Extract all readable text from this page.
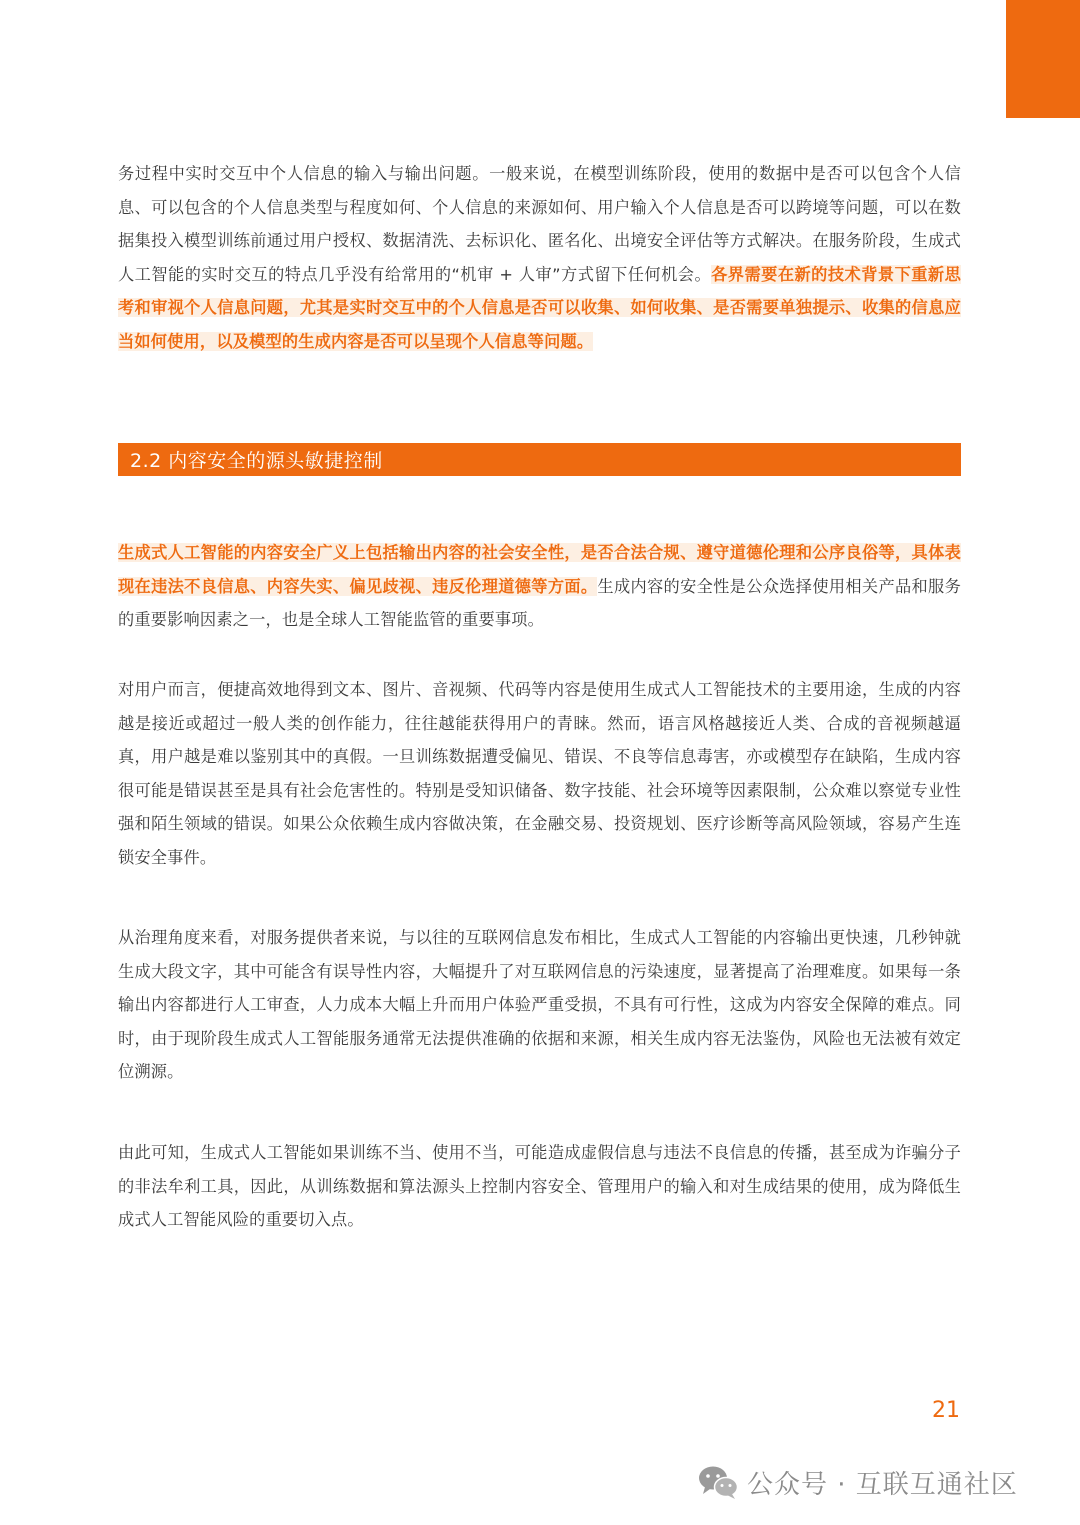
务过程中实时交互中个人信息的输入与输出问题。一般来说，在模型训练阶段，使用的数据中是否可以包含个人信息、可以包含的个人信息类型与程度如何、个人信息的来源如何、用户输入个人信息是否可以跨境等问题，可以在数据集投入模型训练前通过用户授权、数据清洗、去标识化、匿名化、出境安全评估等方式解决。在服务阶段，生成式人工智能的实时交互的特点几乎没有给常用的“机审 + 人审”方式留下任何机会。各界需要在新的技术背景下重新思考和审视个人信息问题，尤其是实时交互中的个人信息是否可以收集、如何收集、是否需要单独提示、收集的信息应当如何使用，以及模型的生成内容是否可以呈现个人信息等问题。

2.2 内容安全的源头敏捷控制

生成式人工智能的内容安全广义上包括输出内容的社会安全性，是否合法合规、遵守道德伦理和公序良俗等，具体表现在违法不良信息、内容失实、偏见歧视、违反伦理道德等方面。生成内容的安全性是公众选择使用相关产品和服务的重要影响因素之一，也是全球人工智能监管的重要事项。

对用户而言，便捷高效地得到文本、图片、音视频、代码等内容是使用生成式人工智能技术的主要用途，生成的内容越是接近或超过一般人类的创作能力，往往越能获得用户的青睐。然而，语言风格越接近人类、合成的音视频越逼真，用户越是难以鉴别其中的真假。一旦训练数据遭受偏见、错误、不良等信息毒害，亦或模型存在缺陷，生成内容很可能是错误甚至是具有社会危害性的。特别是受知识储备、数字技能、社会环境等因素限制，公众难以察觉专业性强和陌生领域的错误。如果公众依赖生成内容做决策，在金融交易、投资规划、医疗诊断等高风险领域，容易产生连锁安全事件。

从治理角度来看，对服务提供者来说，与以往的互联网信息发布相比，生成式人工智能的内容输出更快速，几秒钟就生成大段文字，其中可能含有误导性内容，大幅提升了对互联网信息的污染速度，显著提高了治理难度。如果每一条输出内容都进行人工审查，人力成本大幅上升而用户体验严重受损，不具有可行性，这成为内容安全保障的难点。同时，由于现阶段生成式人工智能服务通常无法提供准确的依据和来源，相关生成内容无法鉴伪，风险也无法被有效定位溯源。

由此可知，生成式人工智能如果训练不当、使用不当，可能造成虚假信息与违法不良信息的传播，甚至成为诈骗分子的非法牟利工具，因此，从训练数据和算法源头上控制内容安全、管理用户的输入和对生成结果的使用，成为降低生成式人工智能风险的重要切入点。

21
公众号 · 互联互通社区
